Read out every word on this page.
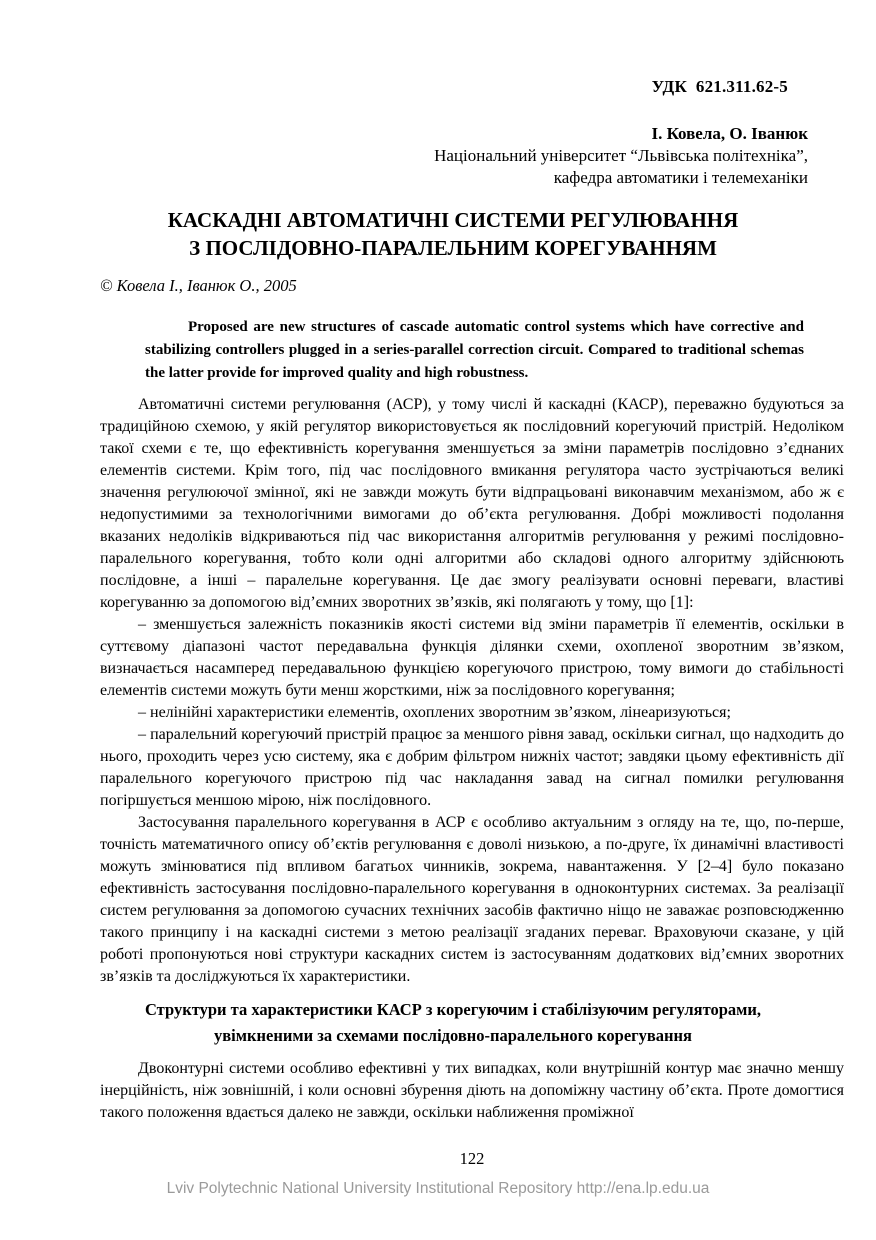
УДК  621.311.62-5
І. Ковела, О. Іванюк
Національний університет “Львівська політехніка”,
кафедра автоматики і телемеханіки
КАСКАДНІ АВТОМАТИЧНІ СИСТЕМИ РЕГУЛЮВАННЯ
З ПОСЛІДОВНО-ПАРАЛЕЛЬНИМ КОРЕГУВАННЯМ
© Ковела І., Іванюк О., 2005

Proposed are new structures of cascade automatic control systems which have corrective and stabilizing controllers plugged in a series-parallel correction circuit. Compared to traditional schemas the latter provide for improved quality and high robustness.

Автоматичні системи регулювання (АСР), у тому числі й каскадні (КАСР), переважно будуються за традиційною схемою, у якій регулятор використовується як послідовний корегуючий пристрій. Недоліком такої схеми є те, що ефективність корегування зменшується за зміни параметрів послідовно з’єднаних елементів системи. Крім того, під час послідовного вмикання регулятора часто зустрічаються великі значення регулюючої змінної, які не завжди можуть бути відпрацьовані виконавчим механізмом, або ж є недопустимими за технологічними вимогами до об’єкта регулювання. Добрі можливості подолання вказаних недоліків відкриваються під час використання алгоритмів регулювання у режимі послідовно-паралельного корегування, тобто коли одні алгоритми або складові одного алгоритму здійснюють послідовне, а інші – паралельне корегування. Це дає змогу реалізувати основні переваги, властиві корегуванню за допомогою від’ємних зворотних зв’язків, які полягають у тому, що [1]:

– зменшується залежність показників якості системи від зміни параметрів її елементів, оскільки в суттєвому діапазоні частот передавальна функція ділянки схеми, охопленої зворотним зв’язком, визначається насамперед передавальною функцією корегуючого пристрою, тому вимоги до стабільності елементів системи можуть бути менш жорсткими, ніж за послідовного корегування;

– нелінійні характеристики елементів, охоплених зворотним зв’язком, лінеаризуються;

– паралельний корегуючий пристрій працює за меншого рівня завад, оскільки сигнал, що надходить до нього, проходить через усю систему, яка є добрим фільтром нижніх частот; завдяки цьому ефективність дії паралельного корегуючого пристрою під час накладання завад на сигнал помилки регулювання погіршується меншою мірою, ніж послідовного.

Застосування паралельного корегування в АСР є особливо актуальним з огляду на те, що, по-перше, точність математичного опису об’єктів регулювання є доволі низькою, а по-друге, їх динамічні властивості можуть змінюватися під впливом багатьох чинників, зокрема, навантаження. У [2–4] було показано ефективність застосування послідовно-паралельного корегування в одноконтурних системах. За реалізації систем регулювання за допомогою сучасних технічних засобів фактично ніщо не заважає розповсюдженню такого принципу і на каскадні системи з метою реалізації згаданих переваг. Враховуючи сказане, у цій роботі пропонуються нові структури каскадних систем із застосуванням додаткових від’ємних зворотних зв’язків та досліджуються їх характеристики.

Структури та характеристики КАСР з корегуючим і стабілізуючим регуляторами,
увімкненими за схемами послідовно-паралельного корегування

Двоконтурні системи особливо ефективні у тих випадках, коли внутрішній контур має значно меншу інерційність, ніж зовнішній, і коли основні збурення діють на допоміжну частину об’єкта. Проте домогтися такого положення вдається далеко не завжди, оскільки наближення проміжної

122
Lviv Polytechnic National University Institutional Repository http://ena.lp.edu.ua
